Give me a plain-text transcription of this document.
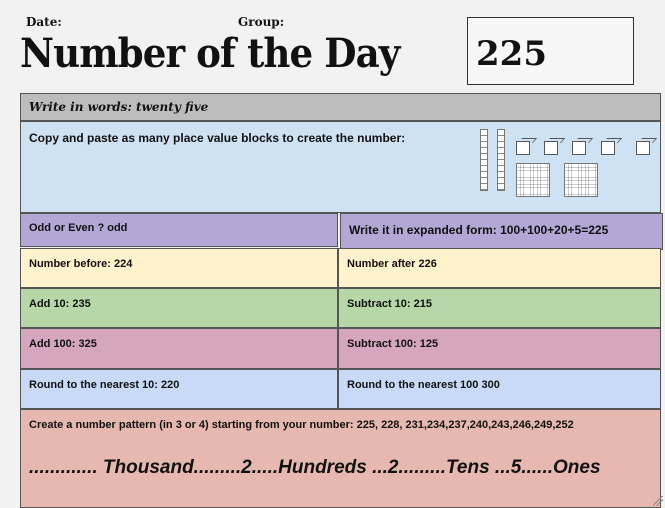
Date:	Group:
Number of the Day 225
Write in words: twenty five
Copy and paste as many place value blocks to create the number:
Odd or Even ? odd	Write it in expanded form: 100+100+20+5=225
Number before: 224	Number after 226
Add 10: 235	Subtract 10: 215
Add 100: 325	Subtract 100: 125
Round to the nearest 10: 220	Round to the nearest 100 300
Create a number pattern (in 3 or 4) starting from your number: 225, 228, 231,234,237,240,243,246,249,252
............. Thousand.........2.....Hundreds ...2.........Tens ...5......Ones
